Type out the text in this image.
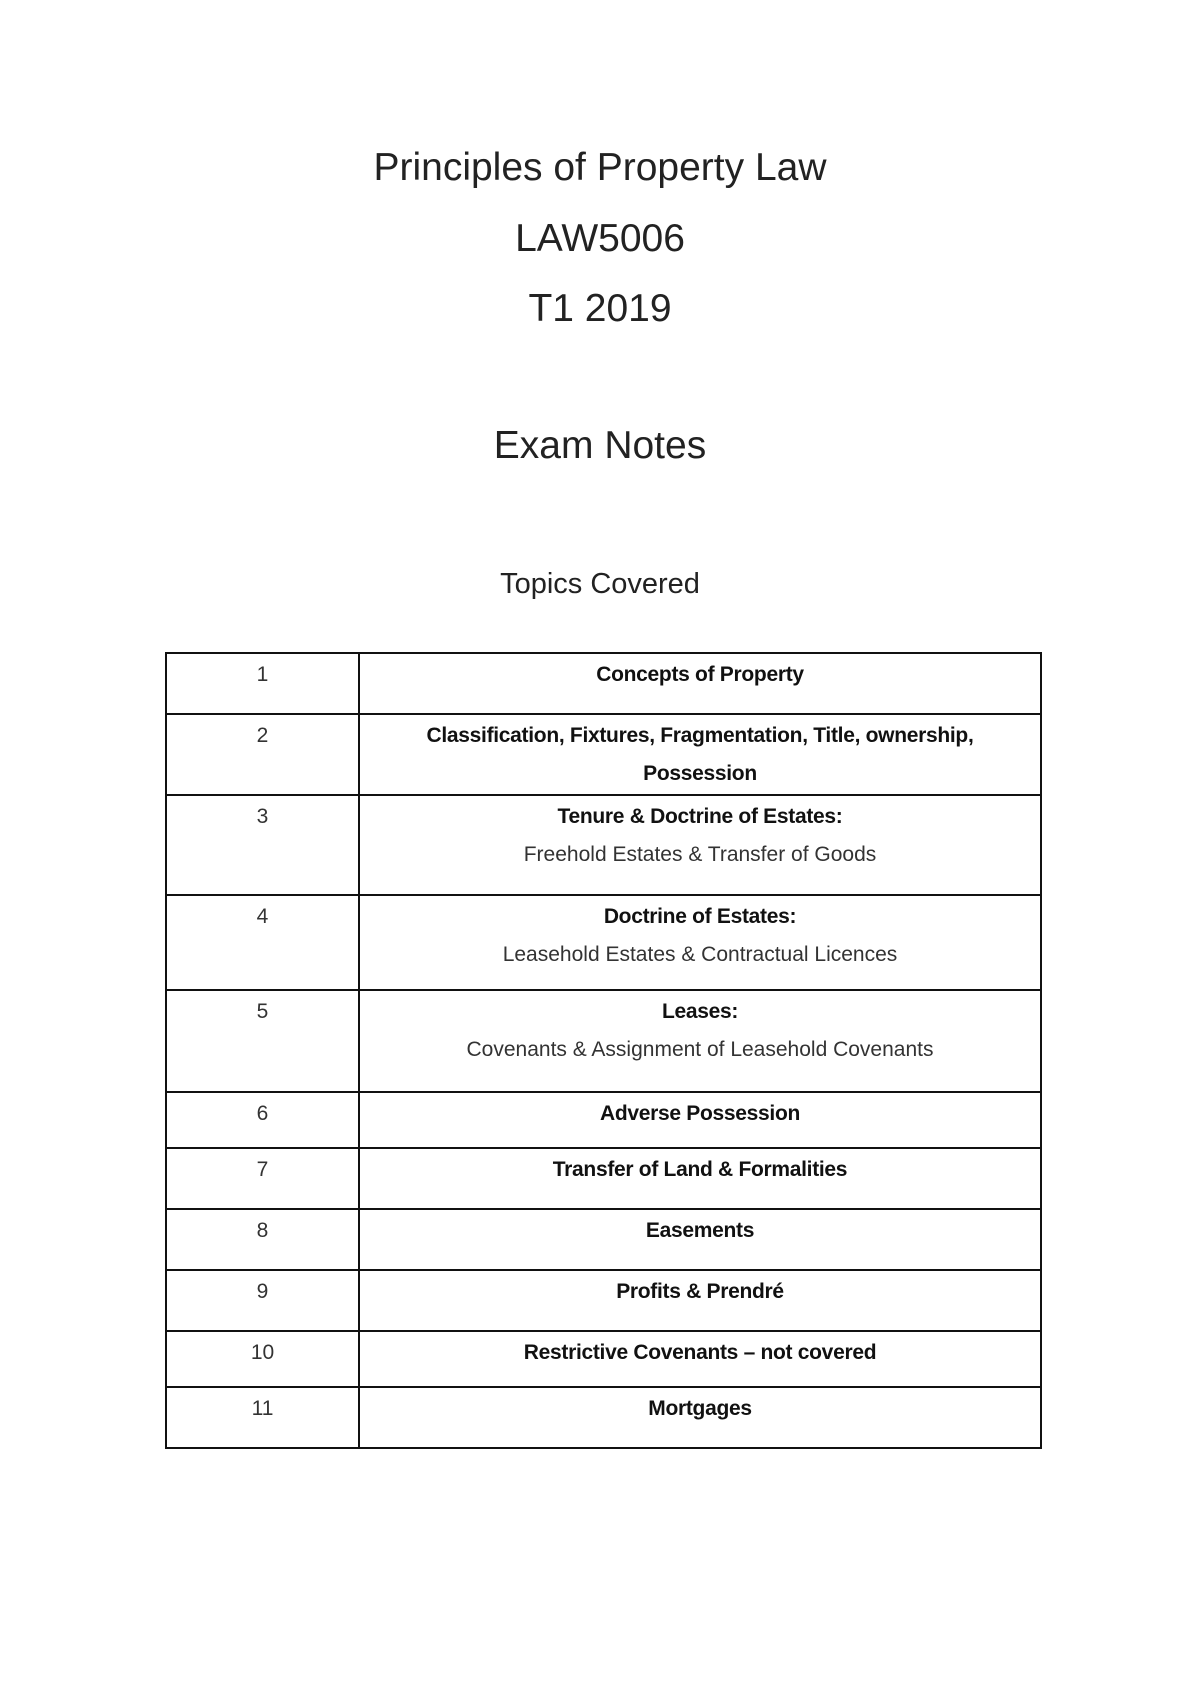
Principles of Property Law
LAW5006
T1 2019
Exam Notes
Topics Covered
1	Concepts of Property

2	Classification, Fixtures, Fragmentation, Title, ownership, Possession

3	Tenure & Doctrine of Estates:
Freehold Estates & Transfer of Goods

4	Doctrine of Estates:
Leasehold Estates & Contractual Licences

5	Leases:
Covenants & Assignment of Leasehold Covenants

6	Adverse Possession

7	Transfer of Land & Formalities

8	Easements

9	Profits & Prendré

10	Restrictive Covenants – not covered

11	Mortgages
